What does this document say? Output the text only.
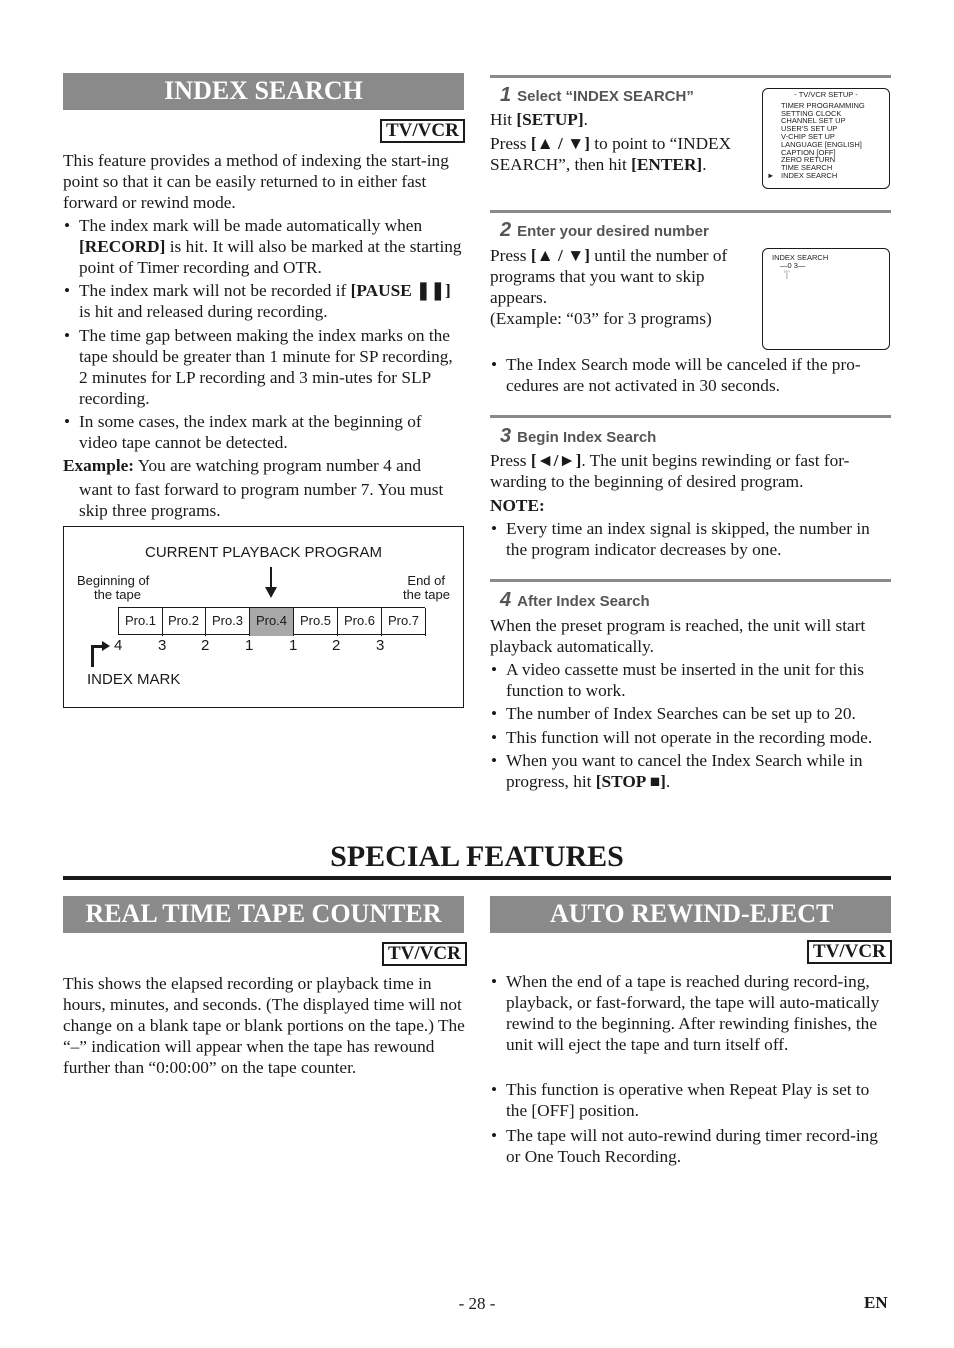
INDEX SEARCH
TV/VCR
This feature provides a method of indexing the start-ing point so that it can be easily returned to in either fast forward or rewind mode.
• The index mark will be made automatically when [RECORD] is hit. It will also be marked at the starting point of Timer recording and OTR.
• The index mark will not be recorded if [PAUSE ❚❚] is hit and released during recording.
• The time gap between making the index marks on the tape should be greater than 1 minute for SP recording, 2 minutes for LP recording and 3 min-utes for SLP recording.
• In some cases, the index mark at the beginning of video tape cannot be detected.
Example: You are watching program number 4 and
want to fast forward to program number 7. You must skip three programs.
CURRENT PLAYBACK PROGRAM
Beginning of
the tape
End of
the tape
Pro.1 Pro.2 Pro.3 Pro.4 Pro.5 Pro.6 Pro.7
4 3 2 1 1 2 3
INDEX MARK
1 Select “INDEX SEARCH”
Hit [SETUP].
Press [▲ / ▼] to point to “INDEX
SEARCH”, then hit [ENTER].
- TV/VCR SETUP -
TIMER PROGRAMMING
SETTING CLOCK
CHANNEL SET UP
USER'S SET UP
V-CHIP SET UP
LANGUAGE [ENGLISH]
CAPTION [OFF]
ZERO RETURN
TIME SEARCH
INDEX SEARCH
►
2 Enter your desired number
Press [▲ / ▼] until the number of
programs that you want to skip
appears.
(Example: “03” for 3 programs)
INDEX SEARCH
—0 3—
′|‵
• The Index Search mode will be canceled if the pro-cedures are not activated in 30 seconds.
3 Begin Index Search
Press [◄/►]. The unit begins rewinding or fast for-warding to the beginning of desired program.
NOTE:
• Every time an index signal is skipped, the number in the program indicator decreases by one.
4 After Index Search
When the preset program is reached, the unit will start playback automatically.
• A video cassette must be inserted in the unit for this function to work.
• The number of Index Searches can be set up to 20.
• This function will not operate in the recording mode.
• When you want to cancel the Index Search while in progress, hit [STOP ■].
SPECIAL FEATURES
REAL TIME TAPE COUNTER
TV/VCR
This shows the elapsed recording or playback time in hours, minutes, and seconds. (The displayed time will not change on a blank tape or blank portions on the tape.) The “–” indication will appear when the tape has rewound further than “0:00:00” on the tape counter.
AUTO REWIND-EJECT
TV/VCR
• When the end of a tape is reached during record-ing, playback, or fast-forward, the tape will auto-matically rewind to the beginning. After rewinding finishes, the unit will eject the tape and turn itself off.
• This function is operative when Repeat Play is set to the [OFF] position.
• The tape will not auto-rewind during timer record-ing or One Touch Recording.
- 28 -	EN
